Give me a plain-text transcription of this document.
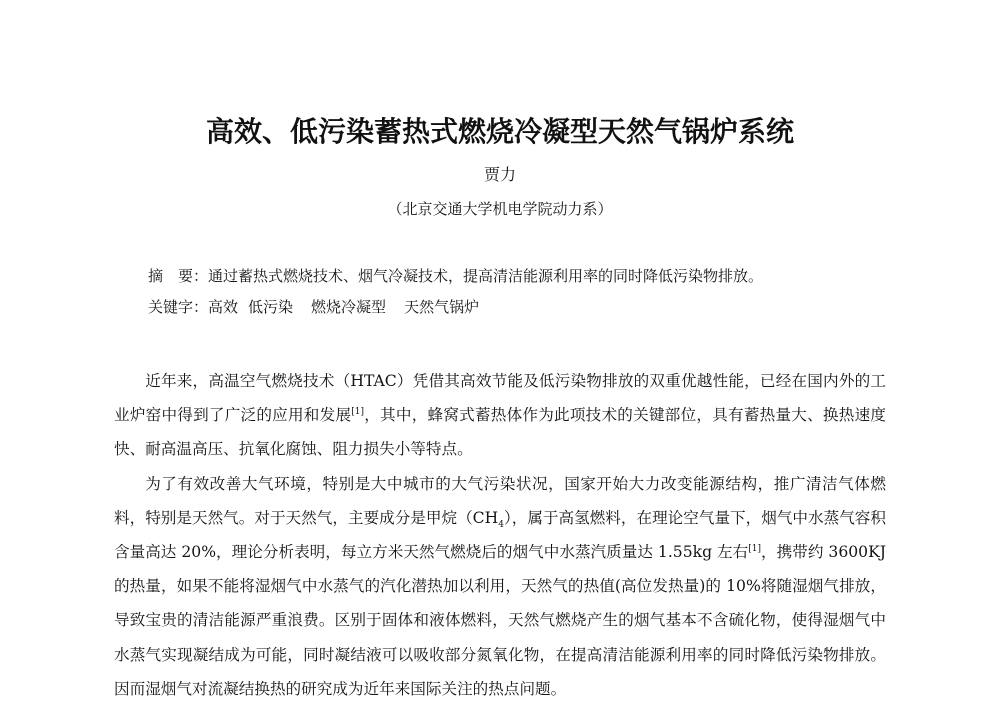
高效、低污染蓄热式燃烧冷凝型天然气锅炉系统
贾力
（北京交通大学机电学院动力系）
摘　要：通过蓄热式燃烧技术、烟气冷凝技术，提高清洁能源利用率的同时降低污染物排放。
关键字：高效 低污染 燃烧冷凝型 天然气锅炉

近年来，高温空气燃烧技术（HTAC）凭借其高效节能及低污染物排放的双重优越性能，已经在国内外的工业炉窑中得到了广泛的应用和发展[1]，其中，蜂窝式蓄热体作为此项技术的关键部位，具有蓄热量大、换热速度快、耐高温高压、抗氧化腐蚀、阻力损失小等特点。

为了有效改善大气环境，特别是大中城市的大气污染状况，国家开始大力改变能源结构，推广清洁气体燃料，特别是天然气。对于天然气，主要成分是甲烷$(CH_4)$，属于高氢燃料，在理论空气量下，烟气中水蒸气容积含量高达 20%，理论分析表明，每立方米天然气燃烧后的烟气中水蒸汽质量达 1.55kg 左右[1]，携带约 3600KJ 的热量，如果不能将湿烟气中水蒸气的汽化潜热加以利用，天然气的热值(高位发热量)的 10%将随湿烟气排放，导致宝贵的清洁能源严重浪费。区别于固体和液体燃料，天然气燃烧产生的烟气基本不含硫化物，使得湿烟气中水蒸气实现凝结成为可能，同时凝结液可以吸收部分氮氧化物，在提高清洁能源利用率的同时降低污染物排放。因而湿烟气对流凝结换热的研究成为近年来国际关注的热点问题。
